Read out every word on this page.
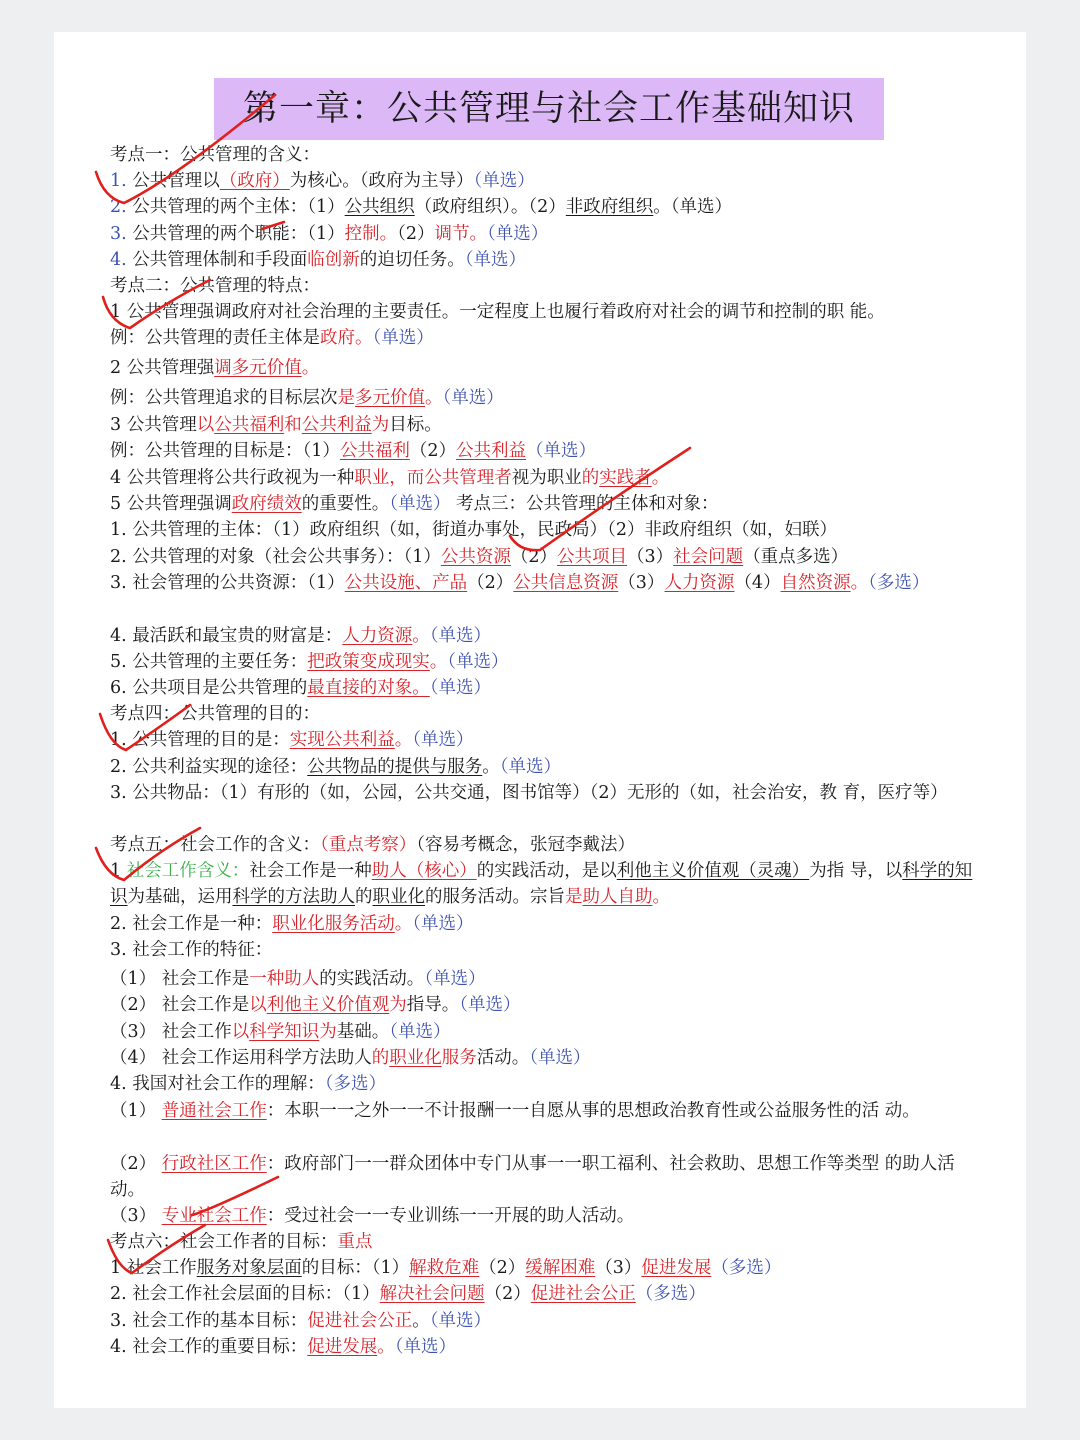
第一章：公共管理与社会工作基础知识
考点一：公共管理的含义：
1. 公共管理以（政府）为核心。（政府为主导）（单选）
2. 公共管理的两个主体：（1）公共组织（政府组织）。（2）非政府组织。（单选）
3. 公共管理的两个职能：（1）控制。（2）调节。（单选）
4. 公共管理体制和手段面临创新的迫切任务。（单选）
考点二：公共管理的特点：
1 公共管理强调政府对社会治理的主要责任。一定程度上也履行着政府对社会的调节和控制的职 能。
例：公共管理的责任主体是政府。（单选）
2 公共管理强调多元价值。
例：公共管理追求的目标层次是多元价值。（单选）
3 公共管理以公共福利和公共利益为目标。
例：公共管理的目标是：（1）公共福利（2）公共利益（单选）
4 公共管理将公共行政视为一种职业，而公共管理者视为职业的实践者。
5 公共管理强调政府绩效的重要性。（单选） 考点三：公共管理的主体和对象：
1. 公共管理的主体：（1）政府组织（如，街道办事处，民政局）（2）非政府组织（如，妇联）
2. 公共管理的对象（社会公共事务）：（1）公共资源（2）公共项目（3）社会问题（重点多选）
3. 社会管理的公共资源：（1）公共设施、产品（2）公共信息资源（3）人力资源（4）自然资源。（多选）
4. 最活跃和最宝贵的财富是：人力资源。（单选）
5. 公共管理的主要任务：把政策变成现实。（单选）
6. 公共项目是公共管理的最直接的对象。（单选）
考点四：公共管理的目的：
1. 公共管理的目的是：实现公共利益。（单选）
2. 公共利益实现的途径：公共物品的提供与服务。（单选）
3. 公共物品：（1）有形的（如，公园，公共交通，图书馆等）（2）无形的（如，社会治安，教 育，医疗等）
考点五：社会工作的含义：（重点考察）（容易考概念，张冠李戴法）
1 社会工作含义：社会工作是一种助人（核心）的实践活动，是以利他主义价值观（灵魂）为指 导，以科学的知识为基础，运用科学的方法助人的职业化的服务活动。宗旨是助人自助。
2. 社会工作是一种：职业化服务活动。（单选）
3. 社会工作的特征：
（1） 社会工作是一种助人的实践活动。（单选）
（2） 社会工作是以利他主义价值观为指导。（单选）
（3） 社会工作以科学知识为基础。（单选）
（4） 社会工作运用科学方法助人的职业化服务活动。（单选）
4. 我国对社会工作的理解：（多选）
（1） 普通社会工作：本职一一之外一一不计报酬一一自愿从事的思想政治教育性或公益服务性的活 动。
（2） 行政社区工作：政府部门一一群众团体中专门从事一一职工福利、社会救助、思想工作等类型 的助人活动。
（3） 专业社会工作：受过社会一一专业训练一一开展的助人活动。
考点六：社会工作者的目标：重点
1 社会工作服务对象层面的目标：（1）解救危难（2）缓解困难（3）促进发展（多选）
2. 社会工作社会层面的目标：（1）解决社会问题（2）促进社会公正（多选）
3. 社会工作的基本目标：促进社会公正。（单选）
4. 社会工作的重要目标：促进发展。（单选）
